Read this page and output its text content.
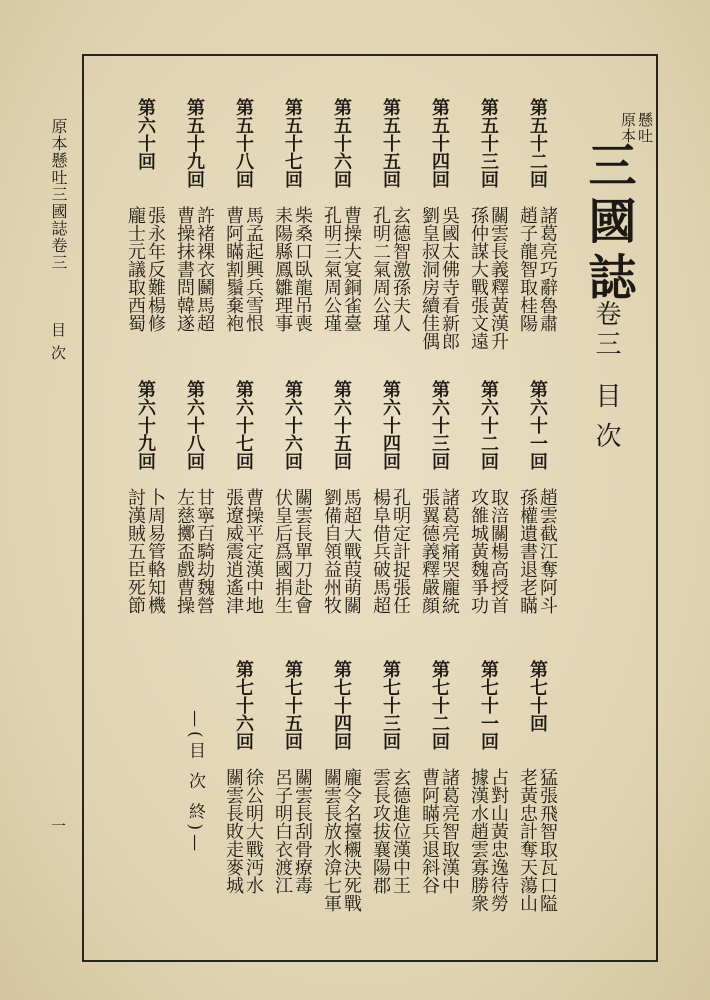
原本懸吐三國誌卷三
目次
一
原本 懸吐
三國誌
卷三
目次
第五十二回
諸葛亮巧辭魯肅
趙子龍智取桂陽
第五十三回
關雲長義釋黃漢升
孫仲謀大戰張文遠
第五十四回
吳國太佛寺看新郎
劉皇叔洞房續佳偶
第五十五回
玄德智激孫夫人
孔明二氣周公瑾
第五十六回
曹操大宴銅雀臺
孔明三氣周公瑾
第五十七回
柴桑口臥龍吊喪
耒陽縣鳳雛理事
第五十八回
馬孟起興兵雪恨
曹阿瞞割鬚棄袍
第五十九回
許褚裸衣鬭馬超
曹操抹書問韓遂
第六十回
張永年反難楊修
龐士元議取西蜀
第六十一回
趙雲截江奪阿斗
孫權遺書退老瞞
第六十二回
取涪關楊高授首
攻雒城黃魏爭功
第六十三回
諸葛亮痛哭龐統
張翼德義釋嚴顔
第六十四回
孔明定計捉張任
楊阜借兵破馬超
第六十五回
馬超大戰葭萌關
劉備自領益州牧
第六十六回
關雲長單刀赴會
伏皇后爲國捐生
第六十七回
曹操平定漢中地
張遼威震逍遙津
第六十八回
甘寧百騎劫魏營
左慈擲盃戲曹操
第六十九回
卜周易管輅知機
討漢賊五臣死節
第七十回
猛張飛智取瓦口隘
老黃忠計奪天蕩山
第七十一回
占對山黃忠逸待勞
據漢水趙雲寡勝衆
第七十二回
諸葛亮智取漢中
曹阿瞞兵退斜谷
第七十三回
玄德進位漢中王
雲長攻拔襄陽郡
第七十四回
龐令名擡櫬決死戰
關雲長放水渰七軍
第七十五回
關雲長刮骨療毒
呂子明白衣渡江
第七十六回
徐公明大戰沔水
關雲長敗走麥城
—(目 次 終)—
